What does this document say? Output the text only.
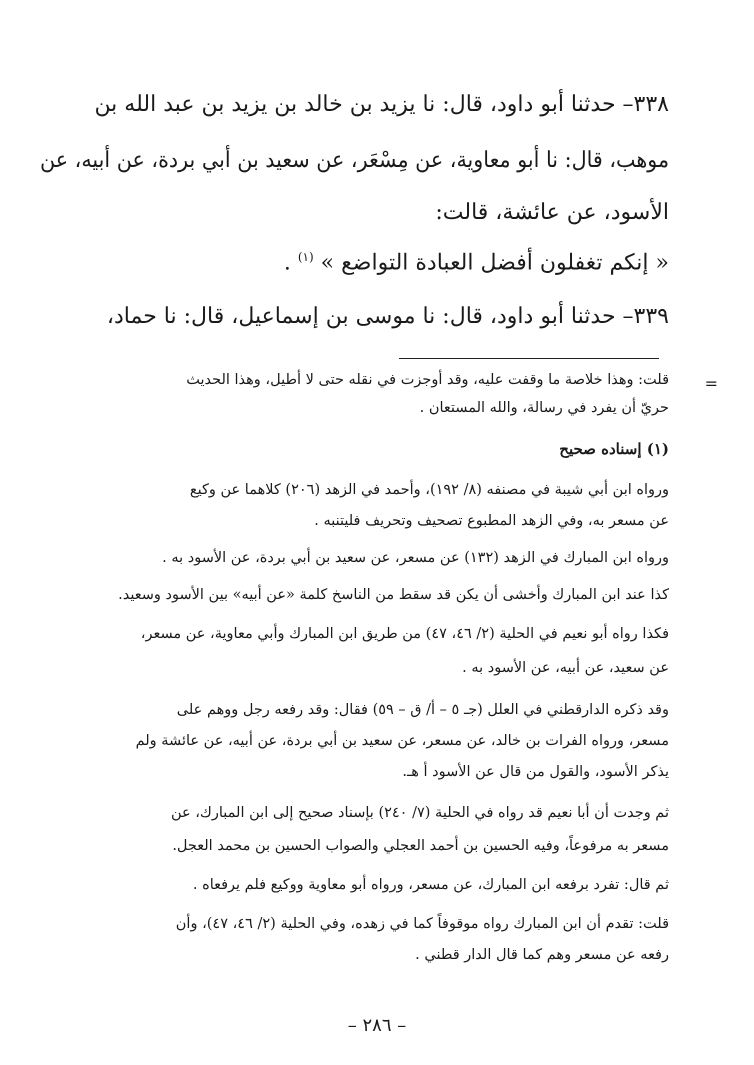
٣٣٨– حدثنا أبو داود، قال: نا يزيد بن خالد بن يزيد بن عبد الله بن
موهب، قال: نا أبو معاوية، عن مِسْعَر، عن سعيد بن أبي بردة، عن أبيه، عن
الأسود، عن عائشة، قالت:
« إنكم تغفلون أفضل العبادة التواضع » $^{(١)}$ .
٣٣٩– حدثنا أبو داود، قال: نا موسى بن إسماعيل، قال: نا حماد،
=
قلت: وهذا خلاصة ما وقفت عليه، وقد أوجزت في نقله حتى لا أطيل، وهذا الحديث
حريّ أن يفرد في رسالة، والله المستعان .
(١) إسناده صحيح
ورواه ابن أبي شيبة في مصنفه (٨/ ١٩٢)، وأحمد في الزهد (٢٠٦) كلاهما عن وكيع
عن مسعر به، وفي الزهد المطبوع تصحيف وتحريف فليتنبه .
ورواه ابن المبارك في الزهد (١٣٢) عن مسعر، عن سعيد بن أبي بردة، عن الأسود به .
كذا عند ابن المبارك وأخشى أن يكن قد سقط من الناسخ كلمة «عن أبيه» بين الأسود وسعيد.
فكذا رواه أبو نعيم في الحلية (٢/ ٤٦، ٤٧) من طريق ابن المبارك وأبي معاوية، عن مسعر،
عن سعيد، عن أبيه، عن الأسود به .
وقد ذكره الدارقطني في العلل (جـ ٥ – أ/ ق – ٥٩) فقال: وقد رفعه رجل ووهم على
مسعر، ورواه الفرات بن خالد، عن مسعر، عن سعيد بن أبي بردة، عن أبيه، عن عائشة ولم
يذكر الأسود، والقول من قال عن الأسود أ هـ.
ثم وجدت أن أبا نعيم قد رواه في الحلية (٧/ ٢٤٠) بإسناد صحيح إلى ابن المبارك، عن
مسعر به مرفوعاً، وفيه الحسين بن أحمد العجلي والصواب الحسين بن محمد العجل.
ثم قال: تفرد برفعه ابن المبارك، عن مسعر، ورواه أبو معاوية ووكيع فلم يرفعاه .
قلت: تقدم أن ابن المبارك رواه موقوفاً كما في زهده، وفي الحلية (٢/ ٤٦، ٤٧)، وأن
رفعه عن مسعر وهم كما قال الدار قطني .
– ٢٨٦ –
